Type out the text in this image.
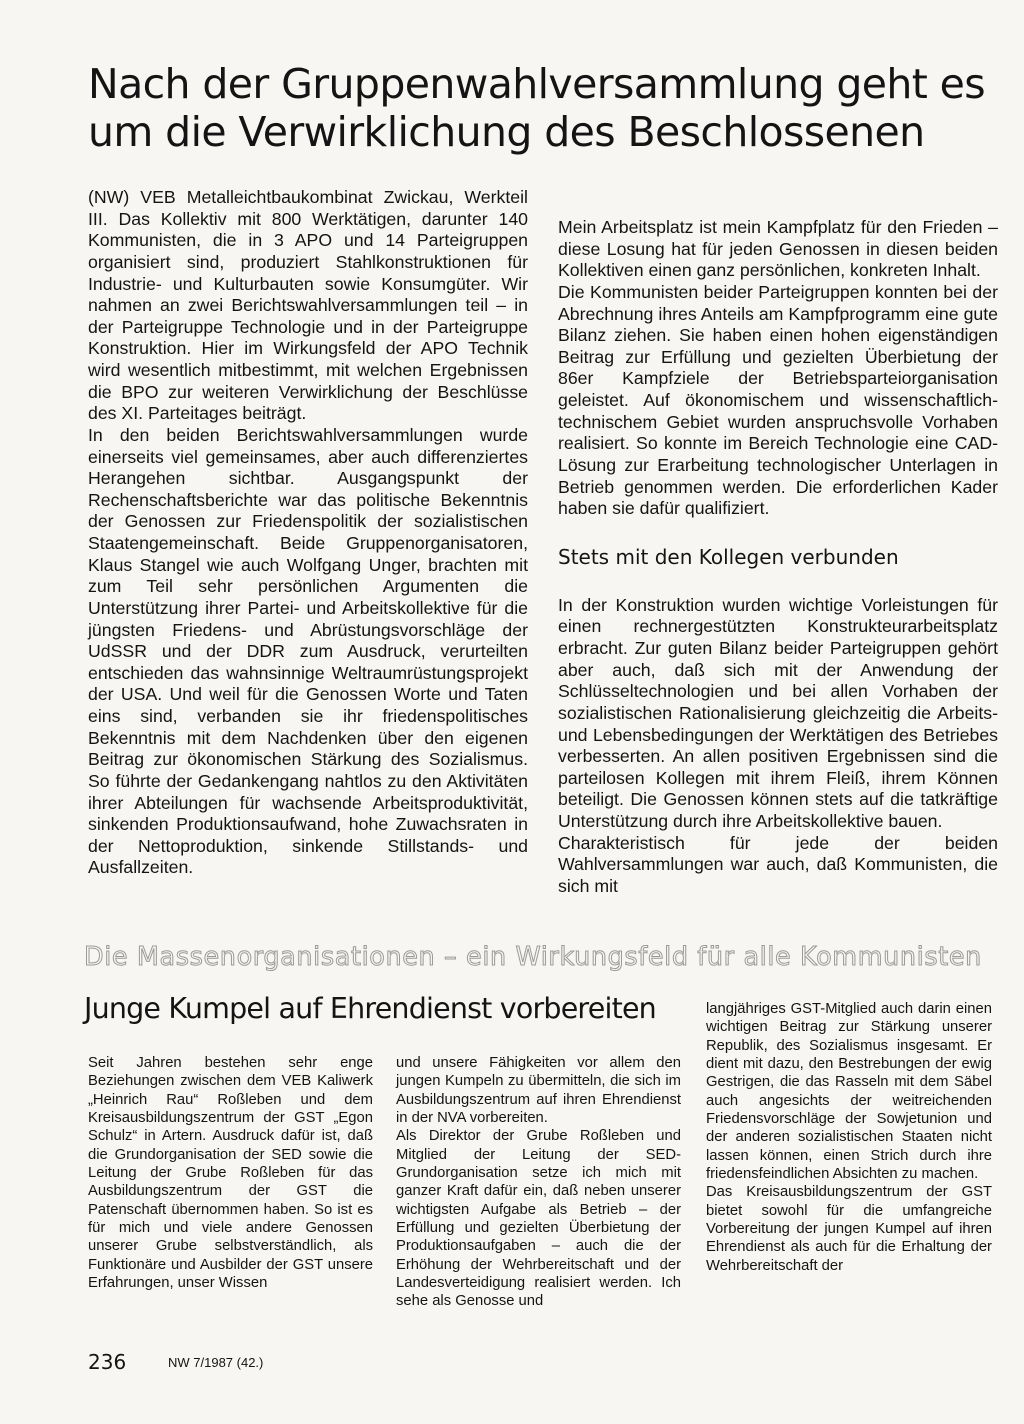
Nach der Gruppenwahlversammlung geht es um die Verwirklichung des Beschlossenen

(NW) VEB Metalleichtbaukombinat Zwickau, Werkteil III. Das Kollektiv mit 800 Werktätigen, darunter 140 Kommunisten, die in 3 APO und 14 Parteigruppen organisiert sind, produziert Stahlkonstruktionen für Industrie- und Kulturbauten sowie Konsumgüter. Wir nahmen an zwei Berichtswahlversammlungen teil – in der Parteigruppe Technologie und in der Parteigruppe Konstruktion. Hier im Wirkungsfeld der APO Technik wird wesentlich mitbestimmt, mit welchen Ergebnissen die BPO zur weiteren Verwirklichung der Beschlüsse des XI. Parteitages beiträgt.

In den beiden Berichtswahlversammlungen wurde einerseits viel gemeinsames, aber auch differenziertes Herangehen sichtbar. Ausgangspunkt der Rechenschaftsberichte war das politische Bekenntnis der Genossen zur Friedenspolitik der sozialistischen Staatengemeinschaft. Beide Gruppenorganisatoren, Klaus Stangel wie auch Wolfgang Unger, brachten mit zum Teil sehr persönlichen Argumenten die Unterstützung ihrer Partei- und Arbeitskollektive für die jüngsten Friedens- und Abrüstungsvorschläge der UdSSR und der DDR zum Ausdruck, verurteilten entschieden das wahnsinnige Weltraumrüstungsprojekt der USA. Und weil für die Genossen Worte und Taten eins sind, verbanden sie ihr friedenspolitisches Bekenntnis mit dem Nachdenken über den eigenen Beitrag zur ökonomischen Stärkung des Sozialismus. So führte der Gedankengang nahtlos zu den Aktivitäten ihrer Abteilungen für wachsende Arbeitsproduktivität, sinkenden Produktionsaufwand, hohe Zuwachsraten in der Nettoproduktion, sinkende Stillstands- und Ausfallzeiten.

Mein Arbeitsplatz ist mein Kampfplatz für den Frieden – diese Losung hat für jeden Genossen in diesen beiden Kollektiven einen ganz persönlichen, konkreten Inhalt.

Die Kommunisten beider Parteigruppen konnten bei der Abrechnung ihres Anteils am Kampfprogramm eine gute Bilanz ziehen. Sie haben einen hohen eigenständigen Beitrag zur Erfüllung und gezielten Überbietung der 86er Kampfziele der Betriebsparteiorganisation geleistet. Auf ökonomischem und wissenschaftlich-technischem Gebiet wurden anspruchsvolle Vorhaben realisiert. So konnte im Bereich Technologie eine CAD-Lösung zur Erarbeitung technologischer Unterlagen in Betrieb genommen werden. Die erforderlichen Kader haben sie dafür qualifiziert.

Stets mit den Kollegen verbunden

In der Konstruktion wurden wichtige Vorleistungen für einen rechnergestützten Konstrukteurarbeitsplatz erbracht. Zur guten Bilanz beider Parteigruppen gehört aber auch, daß sich mit der Anwendung der Schlüsseltechnologien und bei allen Vorhaben der sozialistischen Rationalisierung gleichzeitig die Arbeits- und Lebensbedingungen der Werktätigen des Betriebes verbesserten. An allen positiven Ergebnissen sind die parteilosen Kollegen mit ihrem Fleiß, ihrem Können beteiligt. Die Genossen können stets auf die tatkräftige Unterstützung durch ihre Arbeitskollektive bauen.

Charakteristisch für jede der beiden Wahlversammlungen war auch, daß Kommunisten, die sich mit

Die Massenorganisationen – ein Wirkungsfeld für alle Kommunisten
Junge Kumpel auf Ehrendienst vorbereiten

Seit Jahren bestehen sehr enge Beziehungen zwischen dem VEB Kaliwerk „Heinrich Rau“ Roßleben und dem Kreisausbildungszentrum der GST „Egon Schulz“ in Artern. Ausdruck dafür ist, daß die Grundorganisation der SED sowie die Leitung der Grube Roßleben für das Ausbildungszentrum der GST die Patenschaft übernommen haben. So ist es für mich und viele andere Genossen unserer Grube selbstverständlich, als Funktionäre und Ausbilder der GST unsere Erfahrungen, unser Wissen

und unsere Fähigkeiten vor allem den jungen Kumpeln zu übermitteln, die sich im Ausbildungszentrum auf ihren Ehrendienst in der NVA vorbereiten.

Als Direktor der Grube Roßleben und Mitglied der Leitung der SED-Grundorganisation setze ich mich mit ganzer Kraft dafür ein, daß neben unserer wichtigsten Aufgabe als Betrieb – der Erfüllung und gezielten Überbietung der Produktionsaufgaben – auch die der Erhöhung der Wehrbereitschaft und der Landesverteidigung realisiert werden. Ich sehe als Genosse und

langjähriges GST-Mitglied auch darin einen wichtigen Beitrag zur Stärkung unserer Republik, des Sozialismus insgesamt. Er dient mit dazu, den Bestrebungen der ewig Gestrigen, die das Rasseln mit dem Säbel auch angesichts der weitreichenden Friedensvorschläge der Sowjetunion und der anderen sozialistischen Staaten nicht lassen können, einen Strich durch ihre friedensfeindlichen Absichten zu machen.

Das Kreisausbildungszentrum der GST bietet sowohl für die umfangreiche Vorbereitung der jungen Kumpel auf ihren Ehrendienst als auch für die Erhaltung der Wehrbereitschaft der

236	NW 7/1987 (42.)
